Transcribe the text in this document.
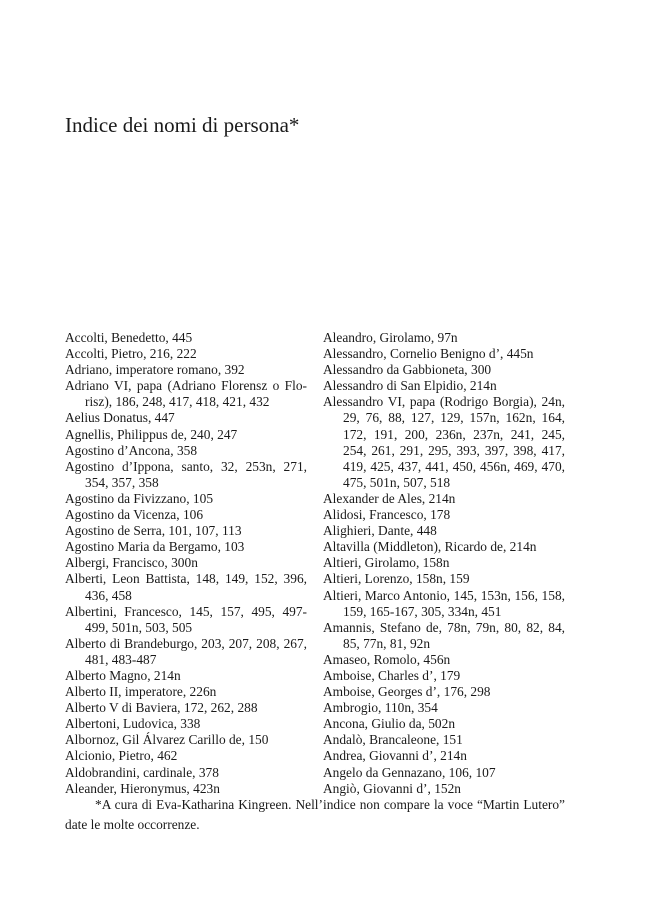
Indice dei nomi di persona*

Accolti, Benedetto, 445

Accolti, Pietro, 216, 222

Adriano, imperatore romano, 392

Adriano VI, papa (Adriano Florensz o Flo-risz), 186, 248, 417, 418, 421, 432

Aelius Donatus, 447

Agnellis, Philippus de, 240, 247

Agostino d’Ancona, 358

Agostino d’Ippona, santo, 32, 253n, 271, 354, 357, 358

Agostino da Fivizzano, 105

Agostino da Vicenza, 106

Agostino de Serra, 101, 107, 113

Agostino Maria da Bergamo, 103

Albergi, Francisco, 300n

Alberti, Leon Battista, 148, 149, 152, 396, 436, 458

Albertini, Francesco, 145, 157, 495, 497-499, 501n, 503, 505

Alberto di Brandeburgo, 203, 207, 208, 267, 481, 483-487

Alberto Magno, 214n

Alberto II, imperatore, 226n

Alberto V di Baviera, 172, 262, 288

Albertoni, Ludovica, 338

Albornoz, Gil Álvarez Carillo de, 150

Alcionio, Pietro, 462

Aldobrandini, cardinale, 378

Aleander, Hieronymus, 423n

Aleandro, Girolamo, 97n

Alessandro, Cornelio Benigno d’, 445n

Alessandro da Gabbioneta, 300

Alessandro di San Elpidio, 214n

Alessandro VI, papa (Rodrigo Borgia), 24n, 29, 76, 88, 127, 129, 157n, 162n, 164, 172, 191, 200, 236n, 237n, 241, 245, 254, 261, 291, 295, 393, 397, 398, 417, 419, 425, 437, 441, 450, 456n, 469, 470, 475, 501n, 507, 518

Alexander de Ales, 214n

Alidosi, Francesco, 178

Alighieri, Dante, 448

Altavilla (Middleton), Ricardo de, 214n

Altieri, Girolamo, 158n

Altieri, Lorenzo, 158n, 159

Altieri, Marco Antonio, 145, 153n, 156, 158, 159, 165-167, 305, 334n, 451

Amannis, Stefano de, 78n, 79n, 80, 82, 84, 85, 77n, 81, 92n

Amaseo, Romolo, 456n

Amboise, Charles d’, 179

Amboise, Georges d’, 176, 298

Ambrogio, 110n, 354

Ancona, Giulio da, 502n

Andalò, Brancaleone, 151

Andrea, Giovanni d’, 214n

Angelo da Gennazano, 106, 107

Angiò, Giovanni d’, 152n

*A cura di Eva-Katharina Kingreen. Nell’indice non compare la voce “Martin Lutero” date le molte occorrenze.
